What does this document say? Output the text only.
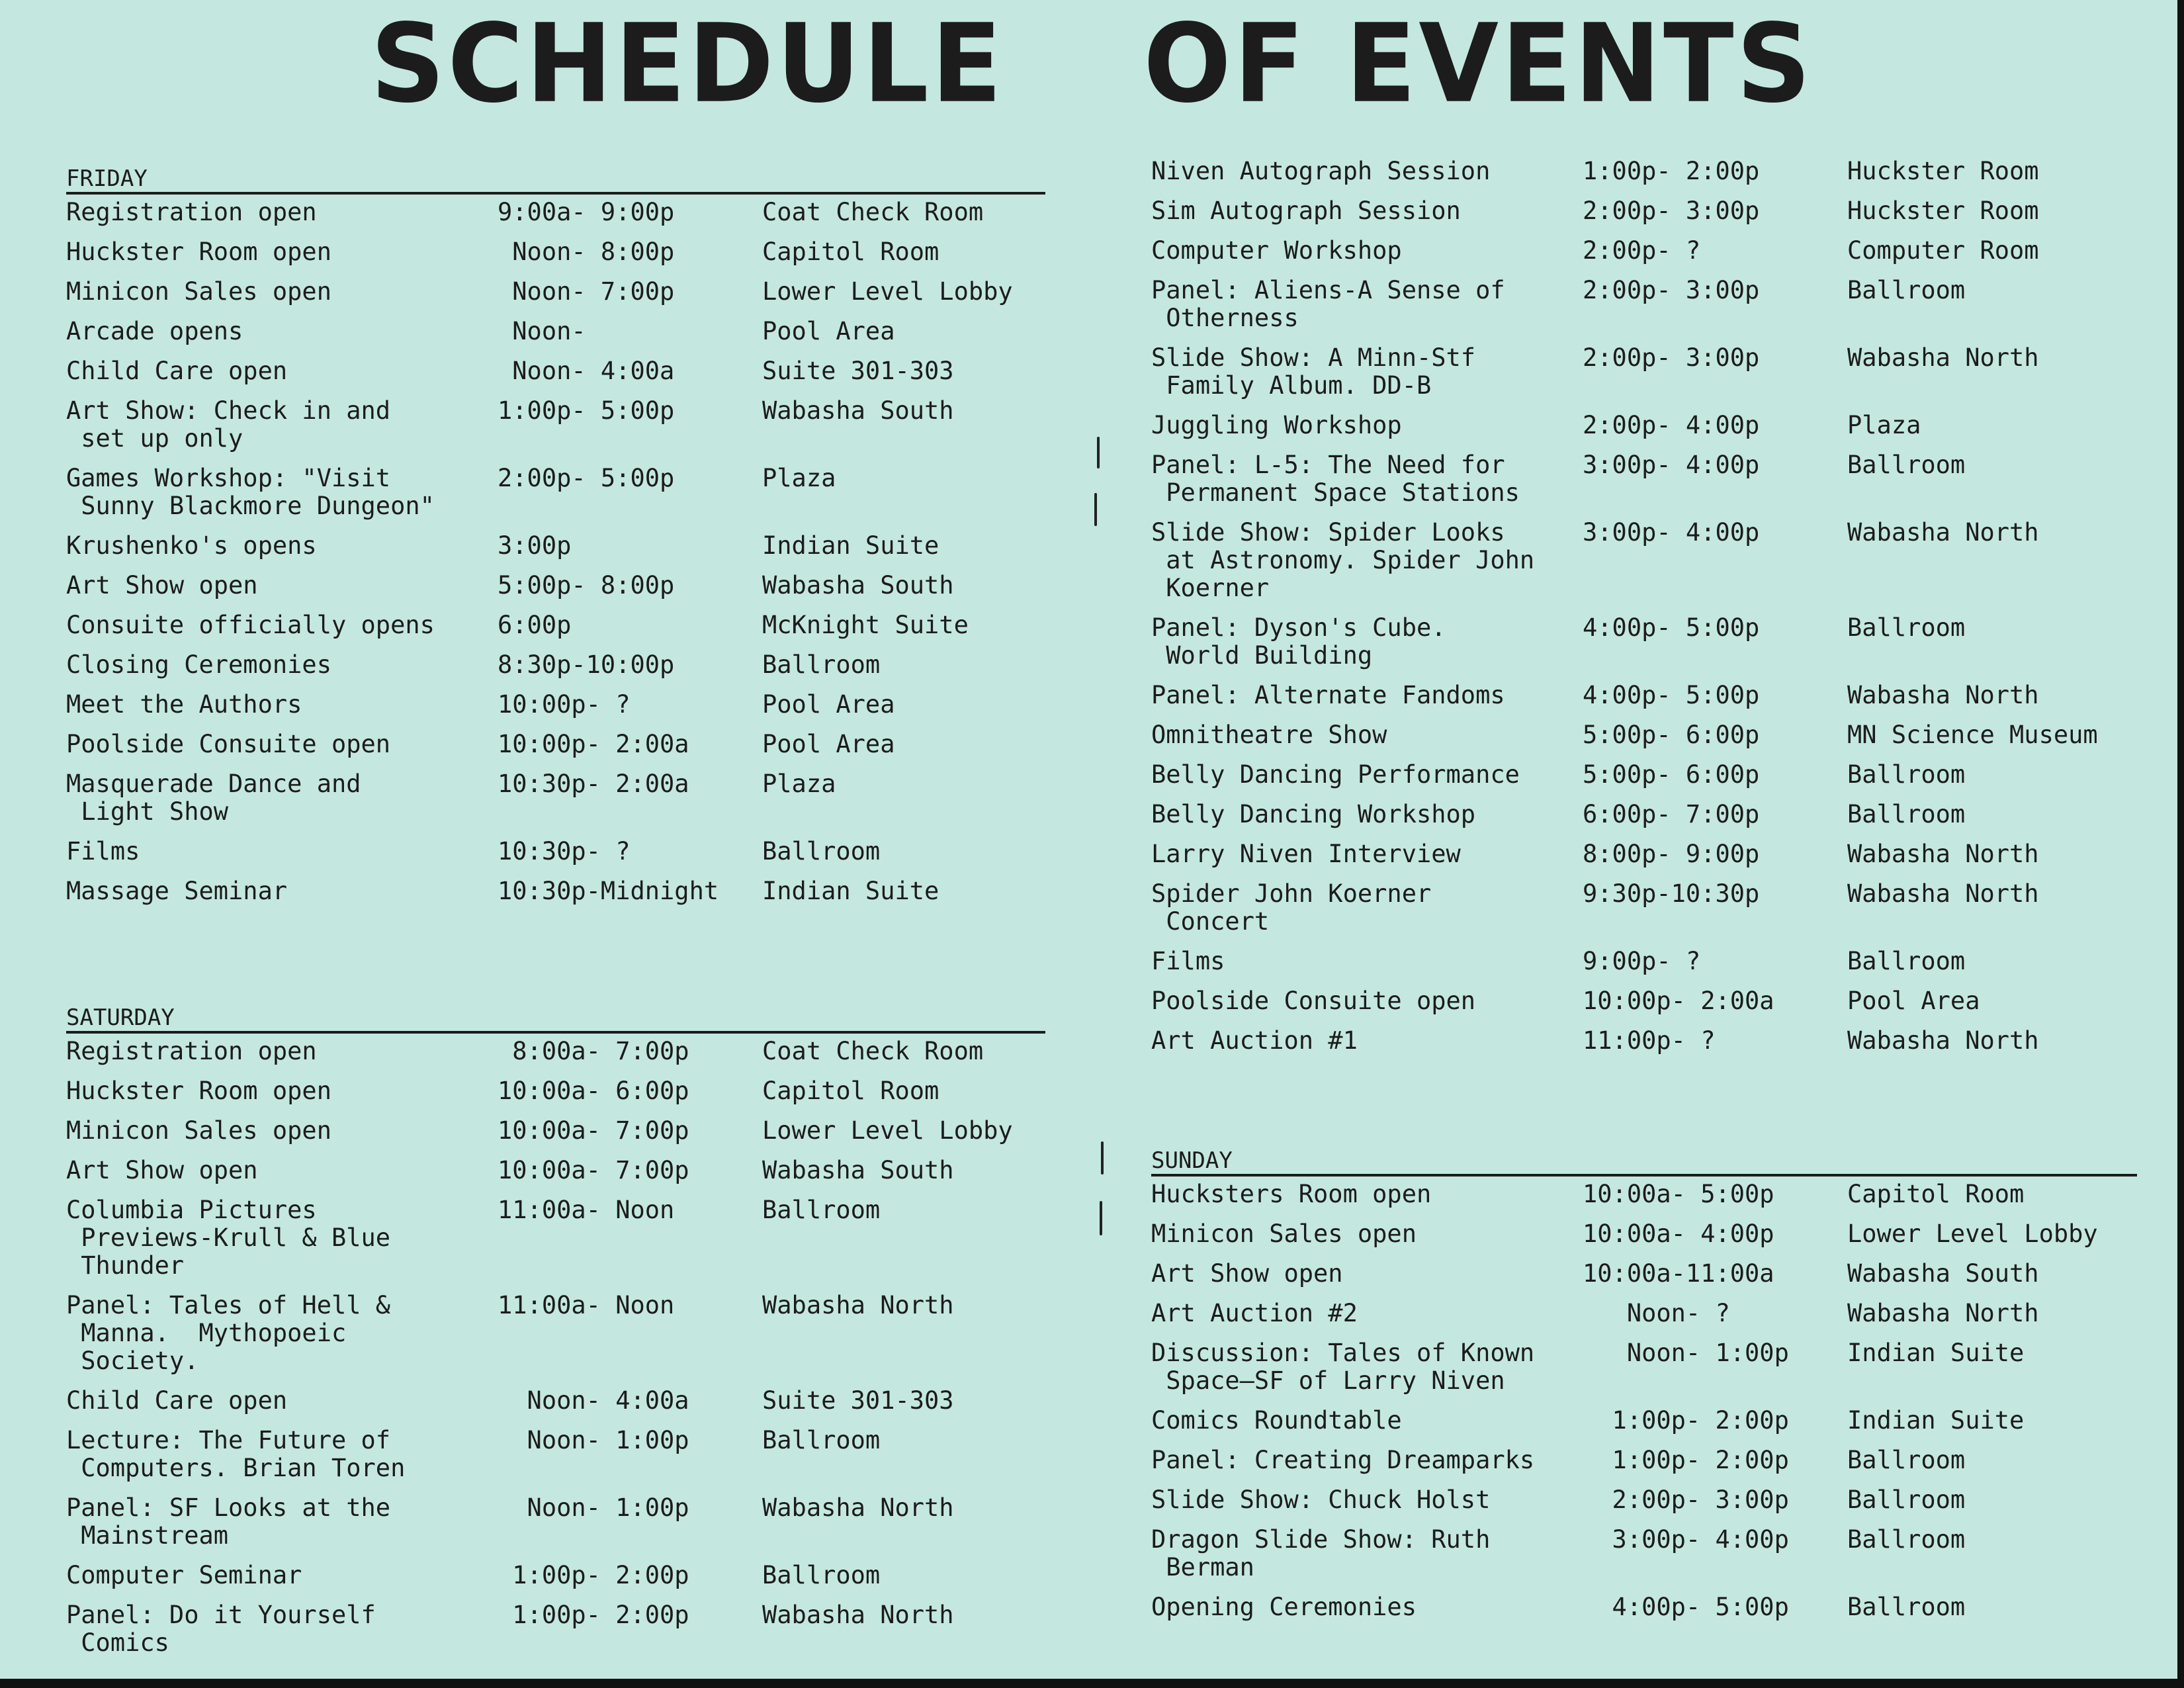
SCHEDULE OF EVENTS
FRIDAY
Registration open	9:00a- 9:00p	Coat Check Room
Huckster Room open	Noon- 8:00p	Capitol Room
Minicon Sales open	Noon- 7:00p	Lower Level Lobby
Arcade opens	Noon-	Pool Area
Child Care open	Noon- 4:00a	Suite 301-303
Art Show: Check in and
set up only
1:00p- 5:00p	Wabasha South
Games Workshop: "Visit
Sunny Blackmore Dungeon"
2:00p- 5:00p	Plaza
Krushenko's opens	3:00p	Indian Suite
Art Show open	5:00p- 8:00p	Wabasha South
Consuite officially opens	6:00p	McKnight Suite
Closing Ceremonies	8:30p-10:00p	Ballroom
Meet the Authors	10:00p- ?	Pool Area
Poolside Consuite open	10:00p- 2:00a	Pool Area
Masquerade Dance and
Light Show
10:30p- 2:00a	Plaza
Films	10:30p- ?	Ballroom
Massage Seminar	10:30p-Midnight	Indian Suite
SATURDAY
Registration open	8:00a- 7:00p	Coat Check Room
Huckster Room open	10:00a- 6:00p	Capitol Room
Minicon Sales open	10:00a- 7:00p	Lower Level Lobby
Art Show open	10:00a- 7:00p	Wabasha South
Columbia Pictures
Previews-Krull & Blue
Thunder
11:00a- Noon	Ballroom
Panel: Tales of Hell &
Manna.  Mythopoeic
Society.
11:00a- Noon	Wabasha North
Child Care open	Noon- 4:00a	Suite 301-303
Lecture: The Future of
Computers. Brian Toren
Noon- 1:00p	Ballroom
Panel: SF Looks at the
Mainstream
Noon- 1:00p	Wabasha North
Computer Seminar	1:00p- 2:00p	Ballroom
Panel: Do it Yourself
Comics
1:00p- 2:00p	Wabasha North
Niven Autograph Session	1:00p- 2:00p	Huckster Room
Sim Autograph Session	2:00p- 3:00p	Huckster Room
Computer Workshop	2:00p- ?	Computer Room
Panel: Aliens-A Sense of
Otherness
2:00p- 3:00p	Ballroom
Slide Show: A Minn-Stf
Family Album. DD-B
2:00p- 3:00p	Wabasha North
Juggling Workshop	2:00p- 4:00p	Plaza
Panel: L-5: The Need for
Permanent Space Stations
3:00p- 4:00p	Ballroom
Slide Show: Spider Looks
at Astronomy. Spider John
Koerner
3:00p- 4:00p	Wabasha North
Panel: Dyson's Cube.
World Building
4:00p- 5:00p	Ballroom
Panel: Alternate Fandoms	4:00p- 5:00p	Wabasha North
Omnitheatre Show	5:00p- 6:00p	MN Science Museum
Belly Dancing Performance	5:00p- 6:00p	Ballroom
Belly Dancing Workshop	6:00p- 7:00p	Ballroom
Larry Niven Interview	8:00p- 9:00p	Wabasha North
Spider John Koerner
Concert
9:30p-10:30p	Wabasha North
Films	9:00p- ?	Ballroom
Poolside Consuite open	10:00p- 2:00a	Pool Area
Art Auction #1	11:00p- ?	Wabasha North
SUNDAY
Hucksters Room open	10:00a- 5:00p	Capitol Room
Minicon Sales open	10:00a- 4:00p	Lower Level Lobby
Art Show open	10:00a-11:00a	Wabasha South
Art Auction #2	Noon- ?	Wabasha North
Discussion: Tales of Known
Space—SF of Larry Niven
Noon- 1:00p	Indian Suite
Comics Roundtable	1:00p- 2:00p	Indian Suite
Panel: Creating Dreamparks	1:00p- 2:00p	Ballroom
Slide Show: Chuck Holst	2:00p- 3:00p	Ballroom
Dragon Slide Show: Ruth
Berman
3:00p- 4:00p	Ballroom
Opening Ceremonies	4:00p- 5:00p	Ballroom
